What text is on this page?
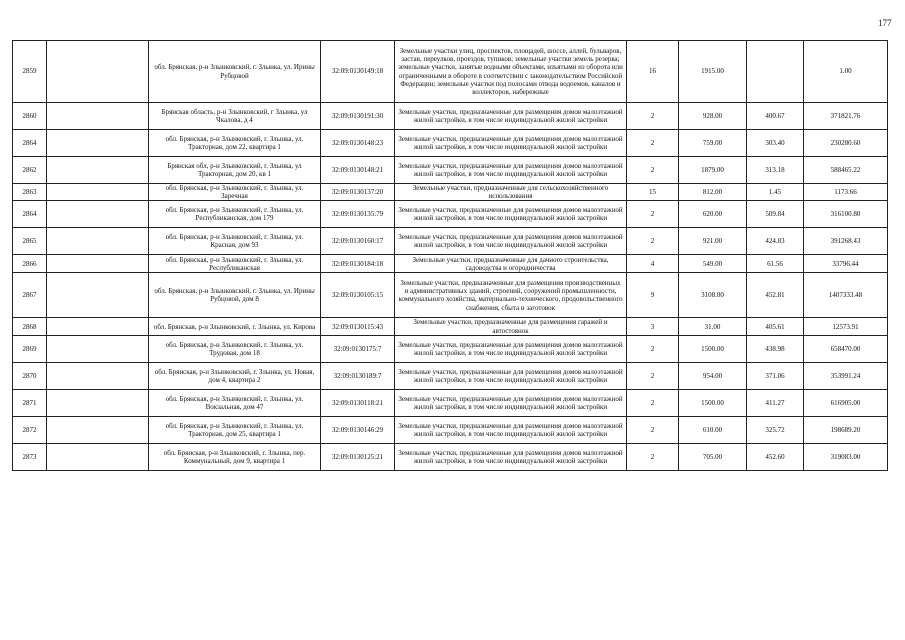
177
2859		обл. Брянская, р-н Злынковский, г. Злынка, ул. Ирины Рубцовой	32:09:0130149:18	Земельные участки улиц, проспектов, площадей, шоссе, аллей, бульваров, застав, переулков, проездов, тупиков; земельные участки земель резерва; земельные участки, занятые водными объектами, изъятыми из оборота или ограниченными в обороте в соответствии с законодательством Российской Федерации; земельные участки под полосами отвода водоемов, каналов и коллекторов, набережные	16	1915.00		1.00
2860		Брянская область, р-н Злынковский, г Злынка, ул Чкалова, д 4	32:09:0130191:30	Земельные участки, предназначенные для размещения домов малоэтажной жилой застройки, в том числе индивидуальной жилой застройки	2	928.00	400.67	371821.76
2864		обл. Брянская, р-н Злынковский, г. Злынка, ул. Тракторная, дом 22, квартира 1	32:09:0130148:23	Земельные участки, предназначенные для размещения домов малоэтажной жилой застройки, в том числе индивидуальной жилой застройки	2	759.00	303.40	230280.60
2862		Брянская обл, р-н Злынковский, г. Злынка, ул Тракторная, дом 20, кв 1	32:09:0130148:21	Земельные участки, предназначенные для размещения домов малоэтажной жилой застройки, в том числе индивидуальной жилой застройки	2	1879.00	313.18	588465.22
2863		обл. Брянская, р-н Злынковский, г. Злынка, ул. Заречная	32:09:0130137:20	Земельные участки, предназначенные для сельскохозяйственного использования	15	812.00	1.45	1173.66
2864		обл. Брянская, р-н Злынковский, г. Злынка, ул. Республиканская, дом 179	32:09:0130135:79	Земельные участки, предназначенные для размещения домов малоэтажной жилой застройки, в том числе индивидуальной жилой застройки	2	620.00	509.84	316100.80
2865		обл. Брянская, р-н Злынковский, г. Злынка, ул. Красная, дом 93	32:09:0130160:17	Земельные участки, предназначенные для размещения домов малоэтажной жилой застройки, в том числе индивидуальной жилой застройки	2	921.00	424.83	391268.43
2866		обл. Брянская, р-н Злынковский, г. Злынка, ул. Республиканская	32:09:0130184:18	Земельные участки, предназначенные для дачного строительства, садоводства и огородничества	4	549.00	61.56	33796.44
2867		обл. Брянская, р-н Злынковский, г. Злынка, ул. Ирины Рубцовой, дом 8	32:09:0130105:15	Земельные участки, предназначенные для размещения производственных и административных зданий, строений, сооружений промышленности, коммунального хозяйства, материально-технического, продовольственного снабжения, сбыта и заготовок	9	3108.00	452.81	1407333.48
2868		обл. Брянская, р-н Злынковский, г. Злынка, ул. Кирова	32:09:0130115:43	Земельные участки, предназначенные для размещения гаражей и автостоянок	3	31.00	405.61	12573.91
2869		обл. Брянская, р-н Злынковский, г. Злынка, ул. Трудовая, дом 18	32:09:0130175:7	Земельные участки, предназначенные для размещения домов малоэтажной жилой застройки, в том числе индивидуальной жилой застройки	2	1500.00	438.98	658470.00
2870		обл. Брянская, р-н Злынковский, г. Злынка, ул. Новая, дом 4, квартира 2	32:09:0130189:7	Земельные участки, предназначенные для размещения домов малоэтажной жилой застройки, в том числе индивидуальной жилой застройки	2	954.00	371.06	353991.24
2871		обл. Брянская, р-н Злынковский, г. Злынка, ул. Вокзальная, дом 47	32:09:0130118:21	Земельные участки, предназначенные для размещения домов малоэтажной жилой застройки, в том числе индивидуальной жилой застройки	2	1500.00	411.27	616905.00
2872		обл. Брянская, р-н Злынковский, г. Злынка, ул. Тракторная, дом 25, квартира 1	32:09:0130146:29	Земельные участки, предназначенные для размещения домов малоэтажной жилой застройки, в том числе индивидуальной жилой застройки	2	610.00	325.72	198689.20
2873		обл. Брянская, р-н Злынковский, г. Злынка, пер. Коммунальный, дом 9, квартира 1	32:09:0130125:21	Земельные участки, предназначенные для размещения домов малоэтажной жилой застройки, в том числе индивидуальной жилой застройки	2	705.00	452.60	319083.00
